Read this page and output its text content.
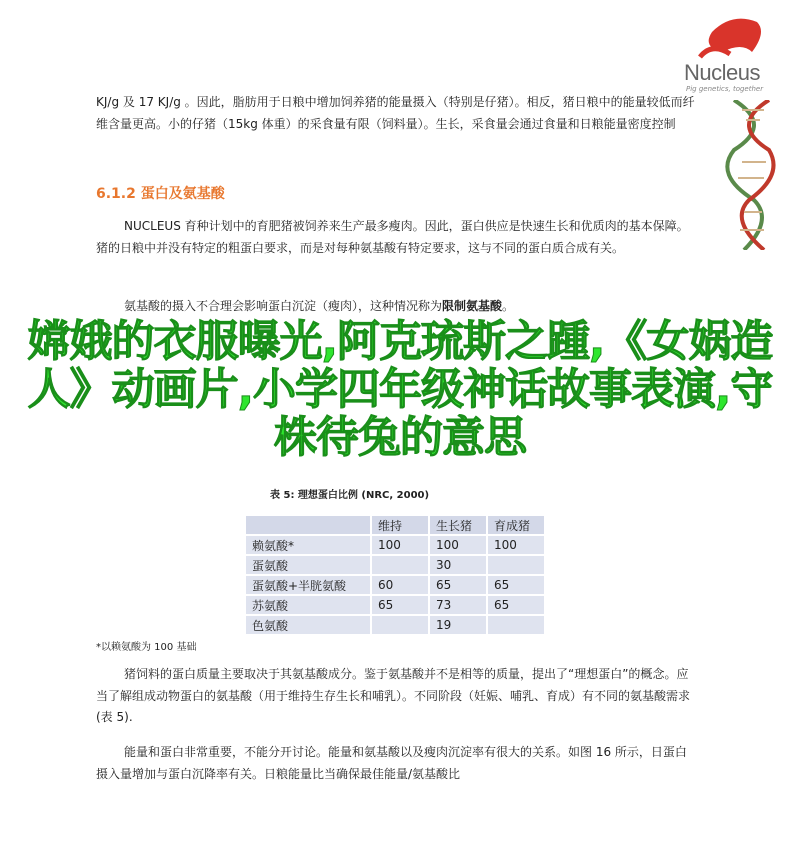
Nucleus
Pig genetics, together
KJ/g 及 17 KJ/g 。因此，脂肪用于日粮中增加饲养猪的能量摄入（特别是仔猪）。相反，猪日粮中的能量较低而纤维含量更高。小的仔猪（15kg 体重）的采食量有限（饲料量）。生长，采食量会通过食量和日粮能量密度控制
6.1.2 蛋白及氨基酸
NUCLEUS 育种计划中的育肥猪被饲养来生产最多瘦肉。因此，蛋白供应是快速生长和优质肉的基本保障。猪的日粮中并没有特定的粗蛋白要求，而是对每种氨基酸有特定要求，这与不同的蛋白质合成有关。
氨基酸的摄入不合理会影响蛋白沉淀（瘦肉），这种情况称为限制氨基酸。
表 5: 理想蛋白比例 (NRC, 2000)
	维持	生长猪	育成猪
赖氨酸*	100	100	100
蛋氨酸		30	
蛋氨酸+半胱氨酸	60	65	65
苏氨酸	65	73	65
色氨酸		19	
*以赖氨酸为 100 基础
猪饲料的蛋白质量主要取决于其氨基酸成分。鉴于氨基酸并不是相等的质量，提出了“理想蛋白”的概念。应当了解组成动物蛋白的氨基酸（用于维持生存生长和哺乳）。不同阶段（妊娠、哺乳、育成）有不同的氨基酸需求 (表 5).
能量和蛋白非常重要，不能分开讨论。能量和氨基酸以及瘦肉沉淀率有很大的关系。如图 16 所示，日蛋白摄入量增加与蛋白沉降率有关。日粮能量比当确保最佳能量/氨基酸比
嫦娥的衣服曝光,阿克琉斯之踵,《女娲造人》动画片,小学四年级神话故事表演,守株待兔的意思
